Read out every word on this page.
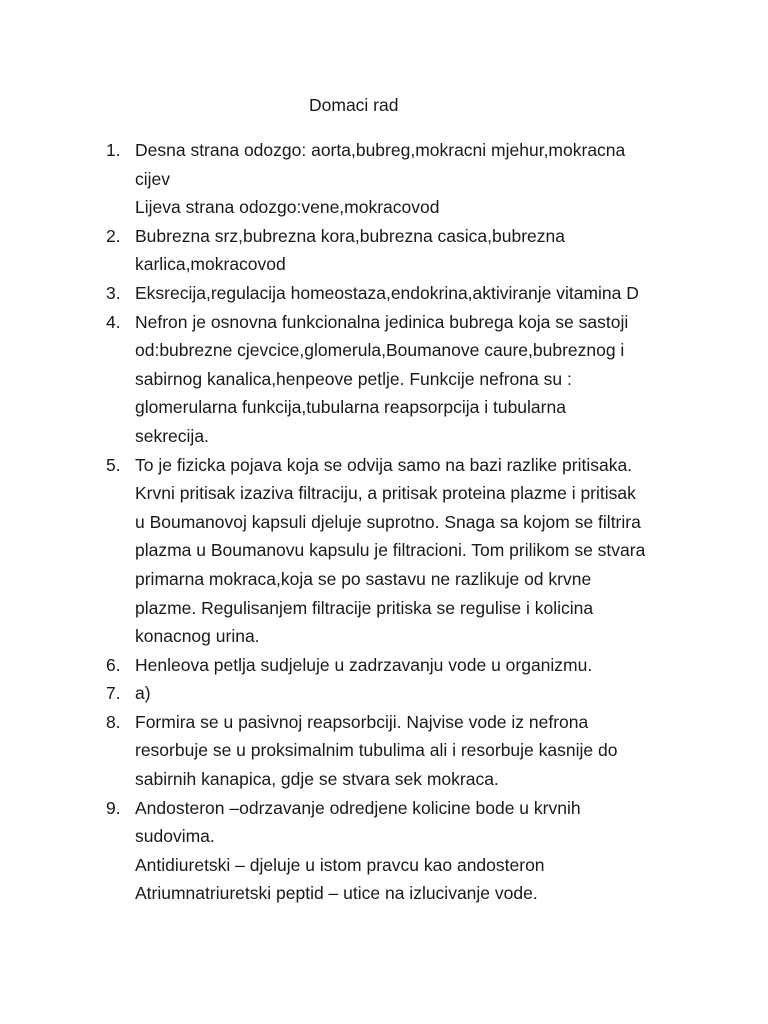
Domaci rad
1. Desna strana odozgo: aorta,bubreg,mokracni mjehur,mokracna
cijev
Lijeva strana odozgo:vene,mokracovod
2. Bubrezna srz,bubrezna kora,bubrezna casica,bubrezna
karlica,mokracovod
3. Eksrecija,regulacija homeostaza,endokrina,aktiviranje vitamina D
4. Nefron je osnovna funkcionalna jedinica bubrega koja se sastoji
od:bubrezne cjevcice,glomerula,Boumanove caure,bubreznog i
sabirnog kanalica,henpeove petlje. Funkcije nefrona su :
glomerularna funkcija,tubularna reapsorpcija i tubularna
sekrecija.
5. To je fizicka pojava koja se odvija samo na bazi razlike pritisaka.
Krvni pritisak izaziva filtraciju, a pritisak proteina plazme i pritisak
u Boumanovoj kapsuli djeluje suprotno. Snaga sa kojom se filtrira
plazma u Boumanovu kapsulu je filtracioni. Tom prilikom se stvara
primarna mokraca,koja se po sastavu ne razlikuje od krvne
plazme. Regulisanjem filtracije pritiska se regulise i kolicina
konacnog urina.
6. Henleova petlja sudjeluje u zadrzavanju vode u organizmu.
7. a)
8. Formira se u pasivnoj reapsorbciji. Najvise vode iz nefrona
resorbuje se u proksimalnim tubulima ali i resorbuje kasnije do
sabirnih kanapica, gdje se stvara sek mokraca.
9. Andosteron –odrzavanje odredjene kolicine bode u krvnih
sudovima.
Antidiuretski – djeluje u istom pravcu kao andosteron
Atriumnatriuretski peptid – utice na izlucivanje vode.
